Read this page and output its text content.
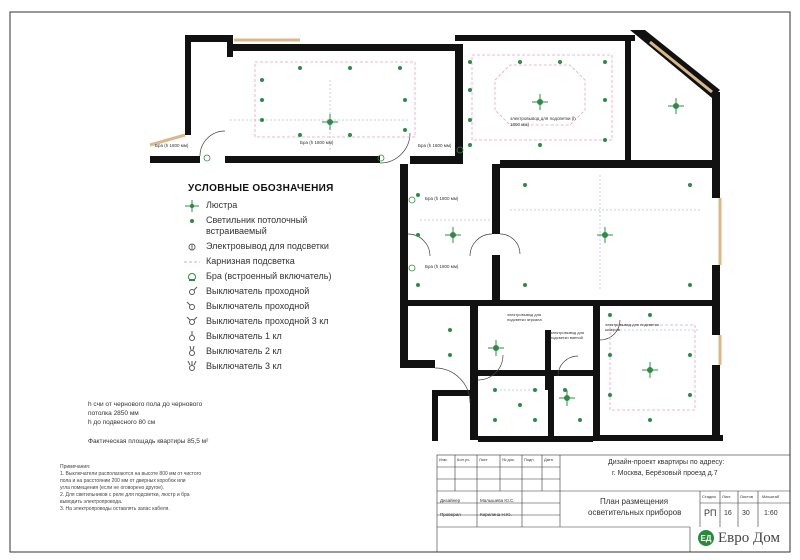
УСЛОВНЫЕ ОБОЗНАЧЕНИЯ
Люстра
Светильник потолочный встраиваемый
Электровывод для подсветки
Карнизная подсветка
Бра (встроенный включатель)
Выключатель проходной
Выключатель проходной
Выключатель проходной 3 кл
Выключатель 1 кл
Выключатель 2 кл
Выключатель 3 кл
h счи от чернового пола до чернового
потолка 2850 мм
h до подвесного 80 см
Фактическая площадь квартиры 85,5 м²
Примечания:
1. Выключатели располагаются на высоте 800 мм от чистого
пола и на расстоянии 200 мм от дверных коробок или
угла помещения (если не оговорено другое).
2. Для светильников с реле для подсветки, люстр и бра
выводить электропровода.
3. На электропроводы оставлять запас кабеля.
Бра (h 1800 мм)
Бра (h 1800 мм)
Бра (h 1800 мм)
Бра (h 1800 мм)
Бра (h 1800 мм)
электровывод для подсветки (h 1800 мм)
электровывод для подсветки зеркала
электровывод для подсветки ванной
электровывод для подсветки шкафов
Дизайн-проект квартиры по адресу:
г. Москва, Берёзовый проезд д.7
Изм. Кол.уч. Лист	№ док. Подп. Дата
Дизайнер	Малышева Ю.С.
Проверил	Кирилина Н.Ю.
План размещения
осветительных приборов
Стадия Лист Листов Масштаб
РП 16 30 1:60
ЕД Евро Дом
